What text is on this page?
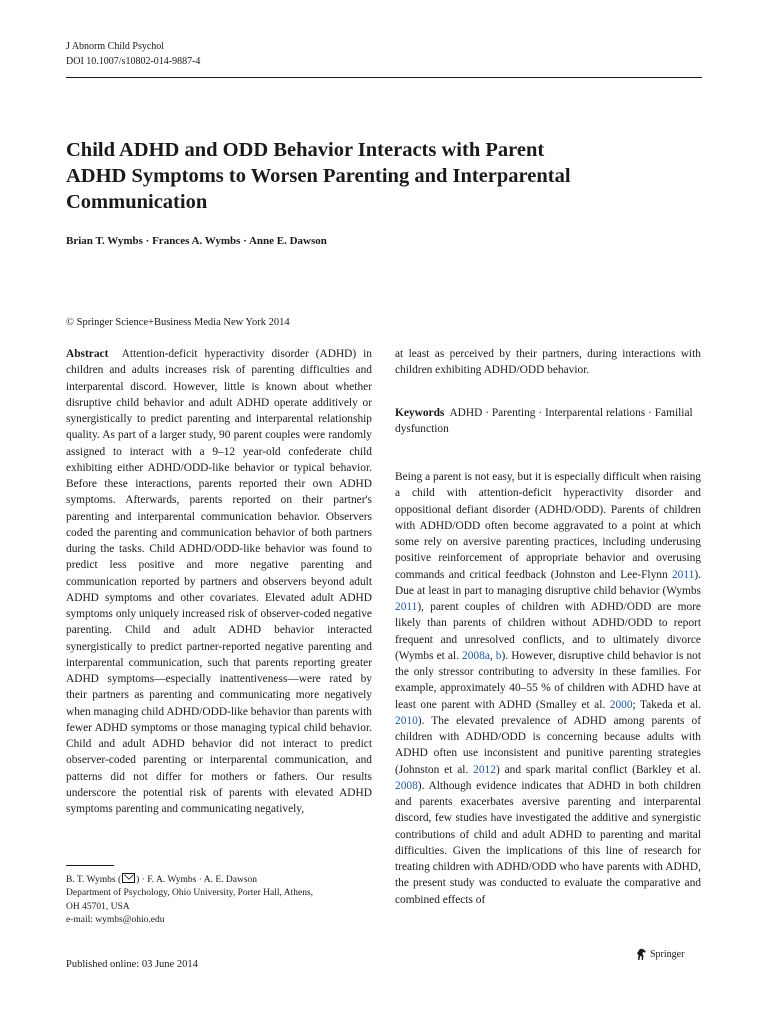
J Abnorm Child Psychol
DOI 10.1007/s10802-014-9887-4
Child ADHD and ODD Behavior Interacts with Parent
ADHD Symptoms to Worsen Parenting and Interparental
Communication
Brian T. Wymbs · Frances A. Wymbs · Anne E. Dawson
© Springer Science+Business Media New York 2014

Abstract Attention-deficit hyperactivity disorder (ADHD) in children and adults increases risk of parenting difficulties and interparental discord. However, little is known about whether disruptive child behavior and adult ADHD operate additively or synergistically to predict parenting and interparental relationship quality. As part of a larger study, 90 parent couples were randomly assigned to interact with a 9–12 year-old confederate child exhibiting either ADHD/ODD-like behavior or typical behavior. Before these interactions, parents reported their own ADHD symptoms. Afterwards, parents reported on their partner's parenting and interparental communication behavior. Observers coded the parenting and communication behavior of both partners during the tasks. Child ADHD/ODD-like behavior was found to predict less positive and more negative parenting and communication reported by partners and observers beyond adult ADHD symptoms and other covariates. Elevated adult ADHD symptoms only uniquely increased risk of observer-coded negative parenting. Child and adult ADHD behavior interacted synergistically to predict partner-reported negative parenting and interparental communication, such that parents reporting greater ADHD symptoms—especially inattentiveness—were rated by their partners as parenting and communicating more negatively when managing child ADHD/ODD-like behavior than parents with fewer ADHD symptoms or those managing typical child behavior. Child and adult ADHD behavior did not interact to predict observer-coded parenting or interparental communication, and patterns did not differ for mothers or fathers. Our results underscore the potential risk of parents with elevated ADHD symptoms parenting and communicating negatively,

at least as perceived by their partners, during interactions with children exhibiting ADHD/ODD behavior.

Keywords ADHD · Parenting · Interparental relations · Familial dysfunction

Being a parent is not easy, but it is especially difficult when raising a child with attention-deficit hyperactivity disorder and oppositional defiant disorder (ADHD/ODD). Parents of children with ADHD/ODD often become aggravated to a point at which some rely on aversive parenting practices, including underusing positive reinforcement of appropriate behavior and overusing commands and critical feedback (Johnston and Lee-Flynn 2011). Due at least in part to managing disruptive child behavior (Wymbs 2011), parent couples of children with ADHD/ODD are more likely than parents of children without ADHD/ODD to report frequent and unresolved conflicts, and to ultimately divorce (Wymbs et al. 2008a, b). However, disruptive child behavior is not the only stressor contributing to adversity in these families. For example, approximately 40–55 % of children with ADHD have at least one parent with ADHD (Smalley et al. 2000; Takeda et al. 2010). The elevated prevalence of ADHD among parents of children with ADHD/ODD is concerning because adults with ADHD often use inconsistent and punitive parenting strategies (Johnston et al. 2012) and spark marital conflict (Barkley et al. 2008). Although evidence indicates that ADHD in both children and parents exacerbates aversive parenting and interparental discord, few studies have investigated the additive and synergistic contributions of child and adult ADHD to parenting and marital difficulties. Given the implications of this line of research for treating children with ADHD/ODD who have parents with ADHD, the present study was conducted to evaluate the comparative and combined effects of

B. T. Wymbs ( ) · F. A. Wymbs · A. E. Dawson
Department of Psychology, Ohio University, Porter Hall, Athens,
OH 45701, USA
e-mail: wymbs@ohio.edu
Published online: 03 June 2014
Springer
